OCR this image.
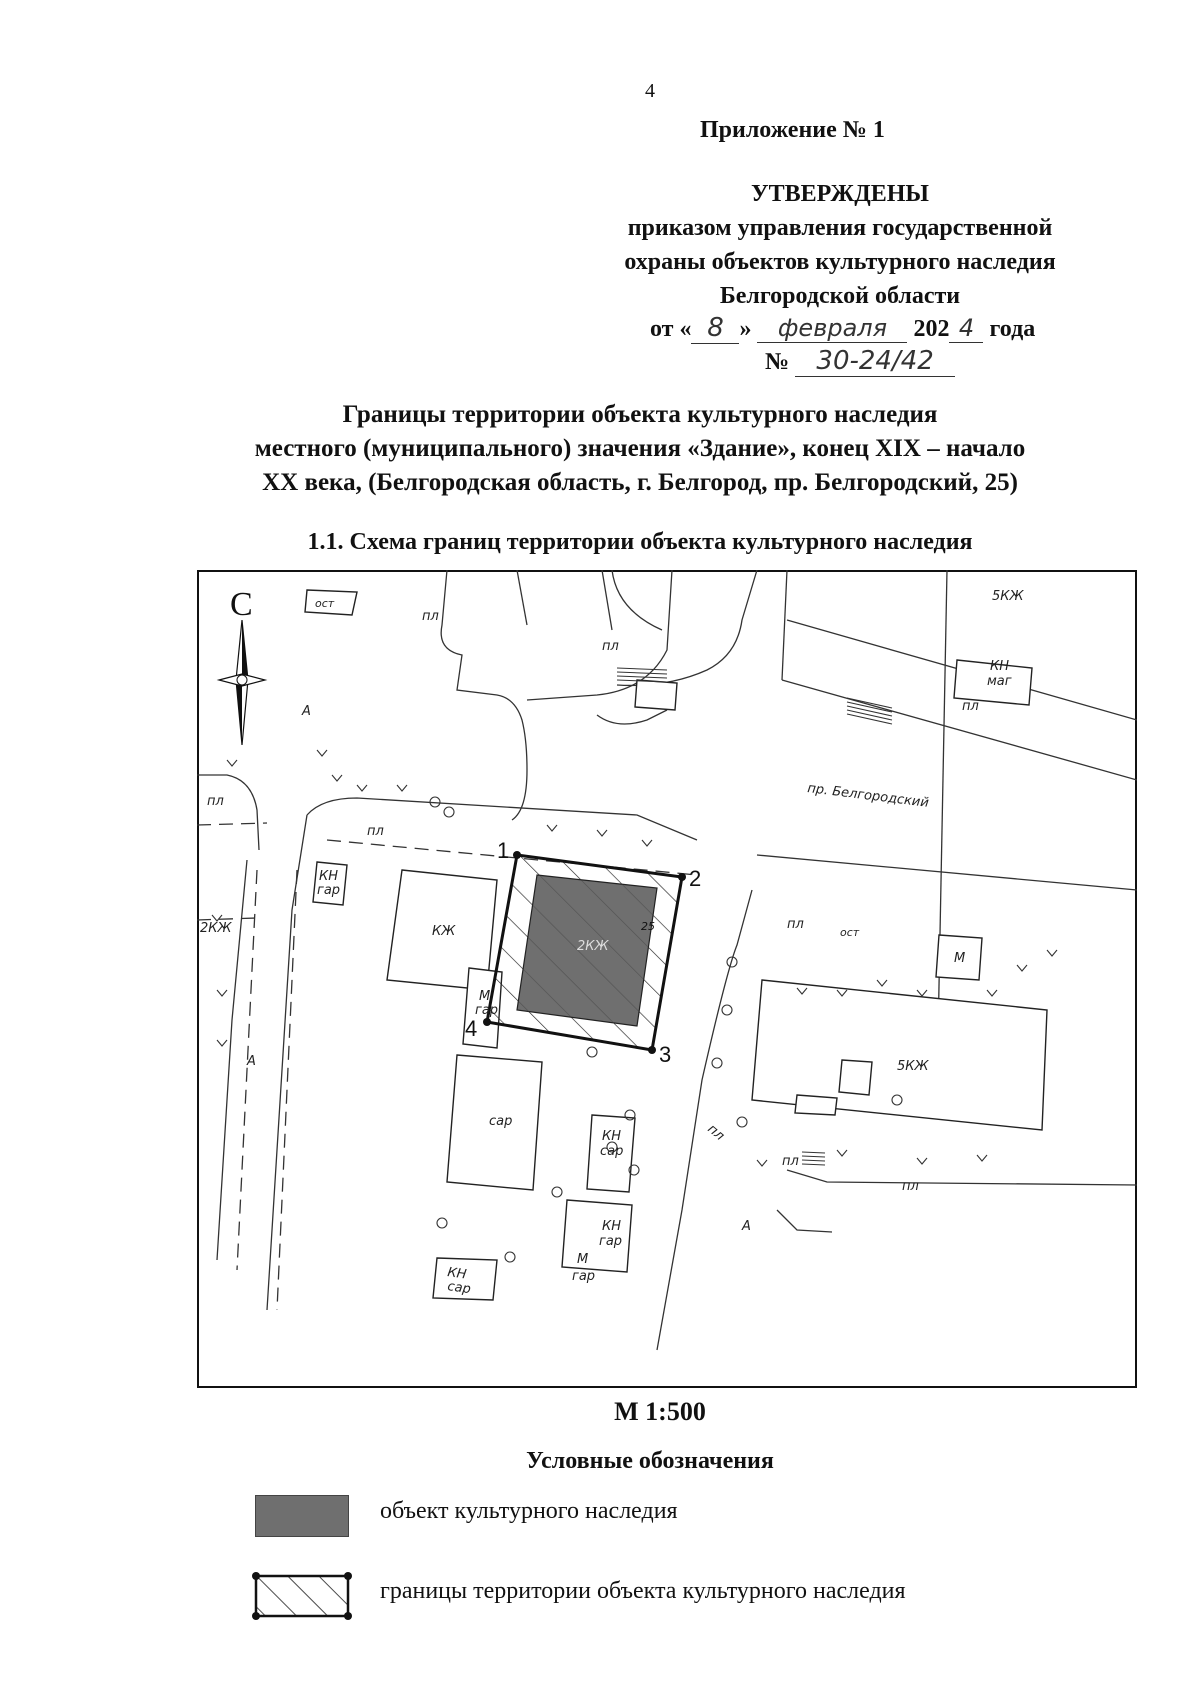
4
Приложение № 1
УТВЕРЖДЕНЫ
приказом управления государственной
охраны объектов культурного наследия
Белгородской области
от « 8 » февраля 202 4 года
№ 30-24/42
Границы территории объекта культурного наследия
местного (муниципального) значения «Здание», конец XIX – начало
XX века, (Белгородская область, г. Белгород, пр. Белгородский, 25)
1.1. Схема границ территории объекта культурного наследия
1
2
3
4
С	5КЖ
КН
маг
ост
пл
пл
пл
А
пр. Белгородский
пл
пл
КН
гар
КЖ
2КЖ
2КЖ
25
М
гар
сар
КН
сар
КН
гар
М
гар
КН
сар
пл
ост
М
5КЖ
пл
пл
пл
А
А
М 1:500
Условные обозначения
объект культурного наследия
границы территории объекта культурного наследия
